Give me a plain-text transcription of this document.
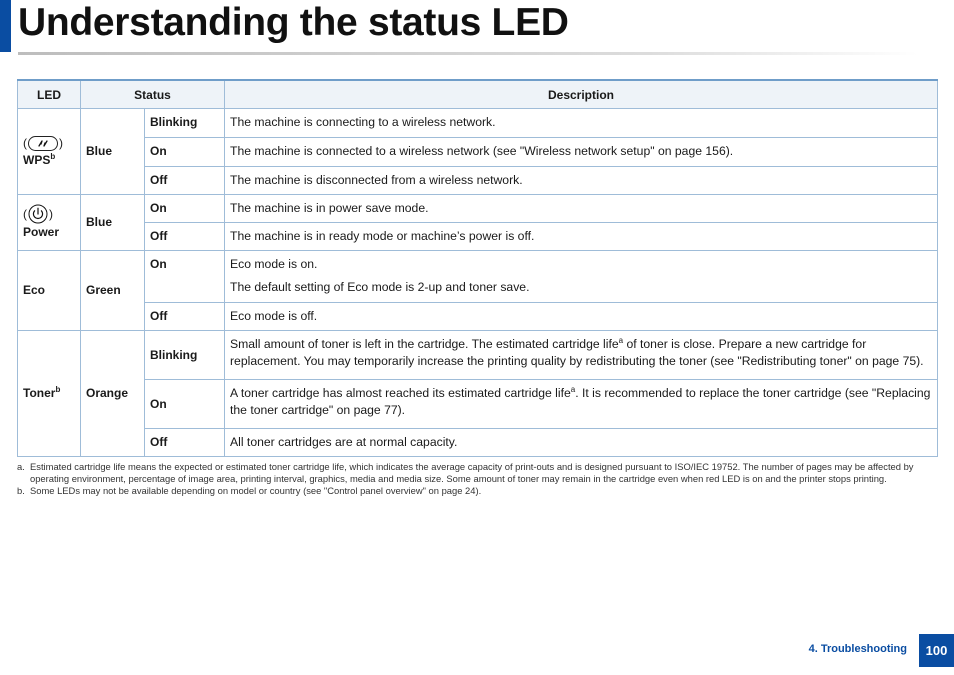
Understanding the status LED
LED	Status		Description

( )
WPS$^b$	Blue	Blinking	The machine is connecting to a wireless network.
		On	The machine is connected to a wireless network (see "Wireless network setup" on page 156).
		Off	The machine is disconnected from a wireless network.

( )
Power	Blue	On	The machine is in power save mode.
		Off	The machine is in ready mode or machine’s power is off.
Eco	Green	On	Eco mode is on.

The default setting of Eco mode is 2-up and toner save.

		Off	Eco mode is off.
Toner$^b$	Orange	Blinking	Small amount of toner is left in the cartridge. The estimated cartridge life$^a$ of toner is close. Prepare a new cartridge for replacement. You may temporarily increase the printing quality by redistributing the toner (see "Redistributing toner" on page 75).
		On	A toner cartridge has almost reached its estimated cartridge life$^a$. It is recommended to replace the toner cartridge (see "Replacing the toner cartridge" on page 77).
		Off	All toner cartridges are at normal capacity.
a. Estimated cartridge life means the expected or estimated toner cartridge life, which indicates the average capacity of print-outs and is designed pursuant to ISO/IEC 19752. The number of pages may be affected by operating environment, percentage of image area, printing interval, graphics, media and media size. Some amount of toner may remain in the cartridge even when red LED is on and the printer stops printing.
b. Some LEDs may not be available depending on model or country (see "Control panel overview" on page 24).
4. Troubleshooting	100
